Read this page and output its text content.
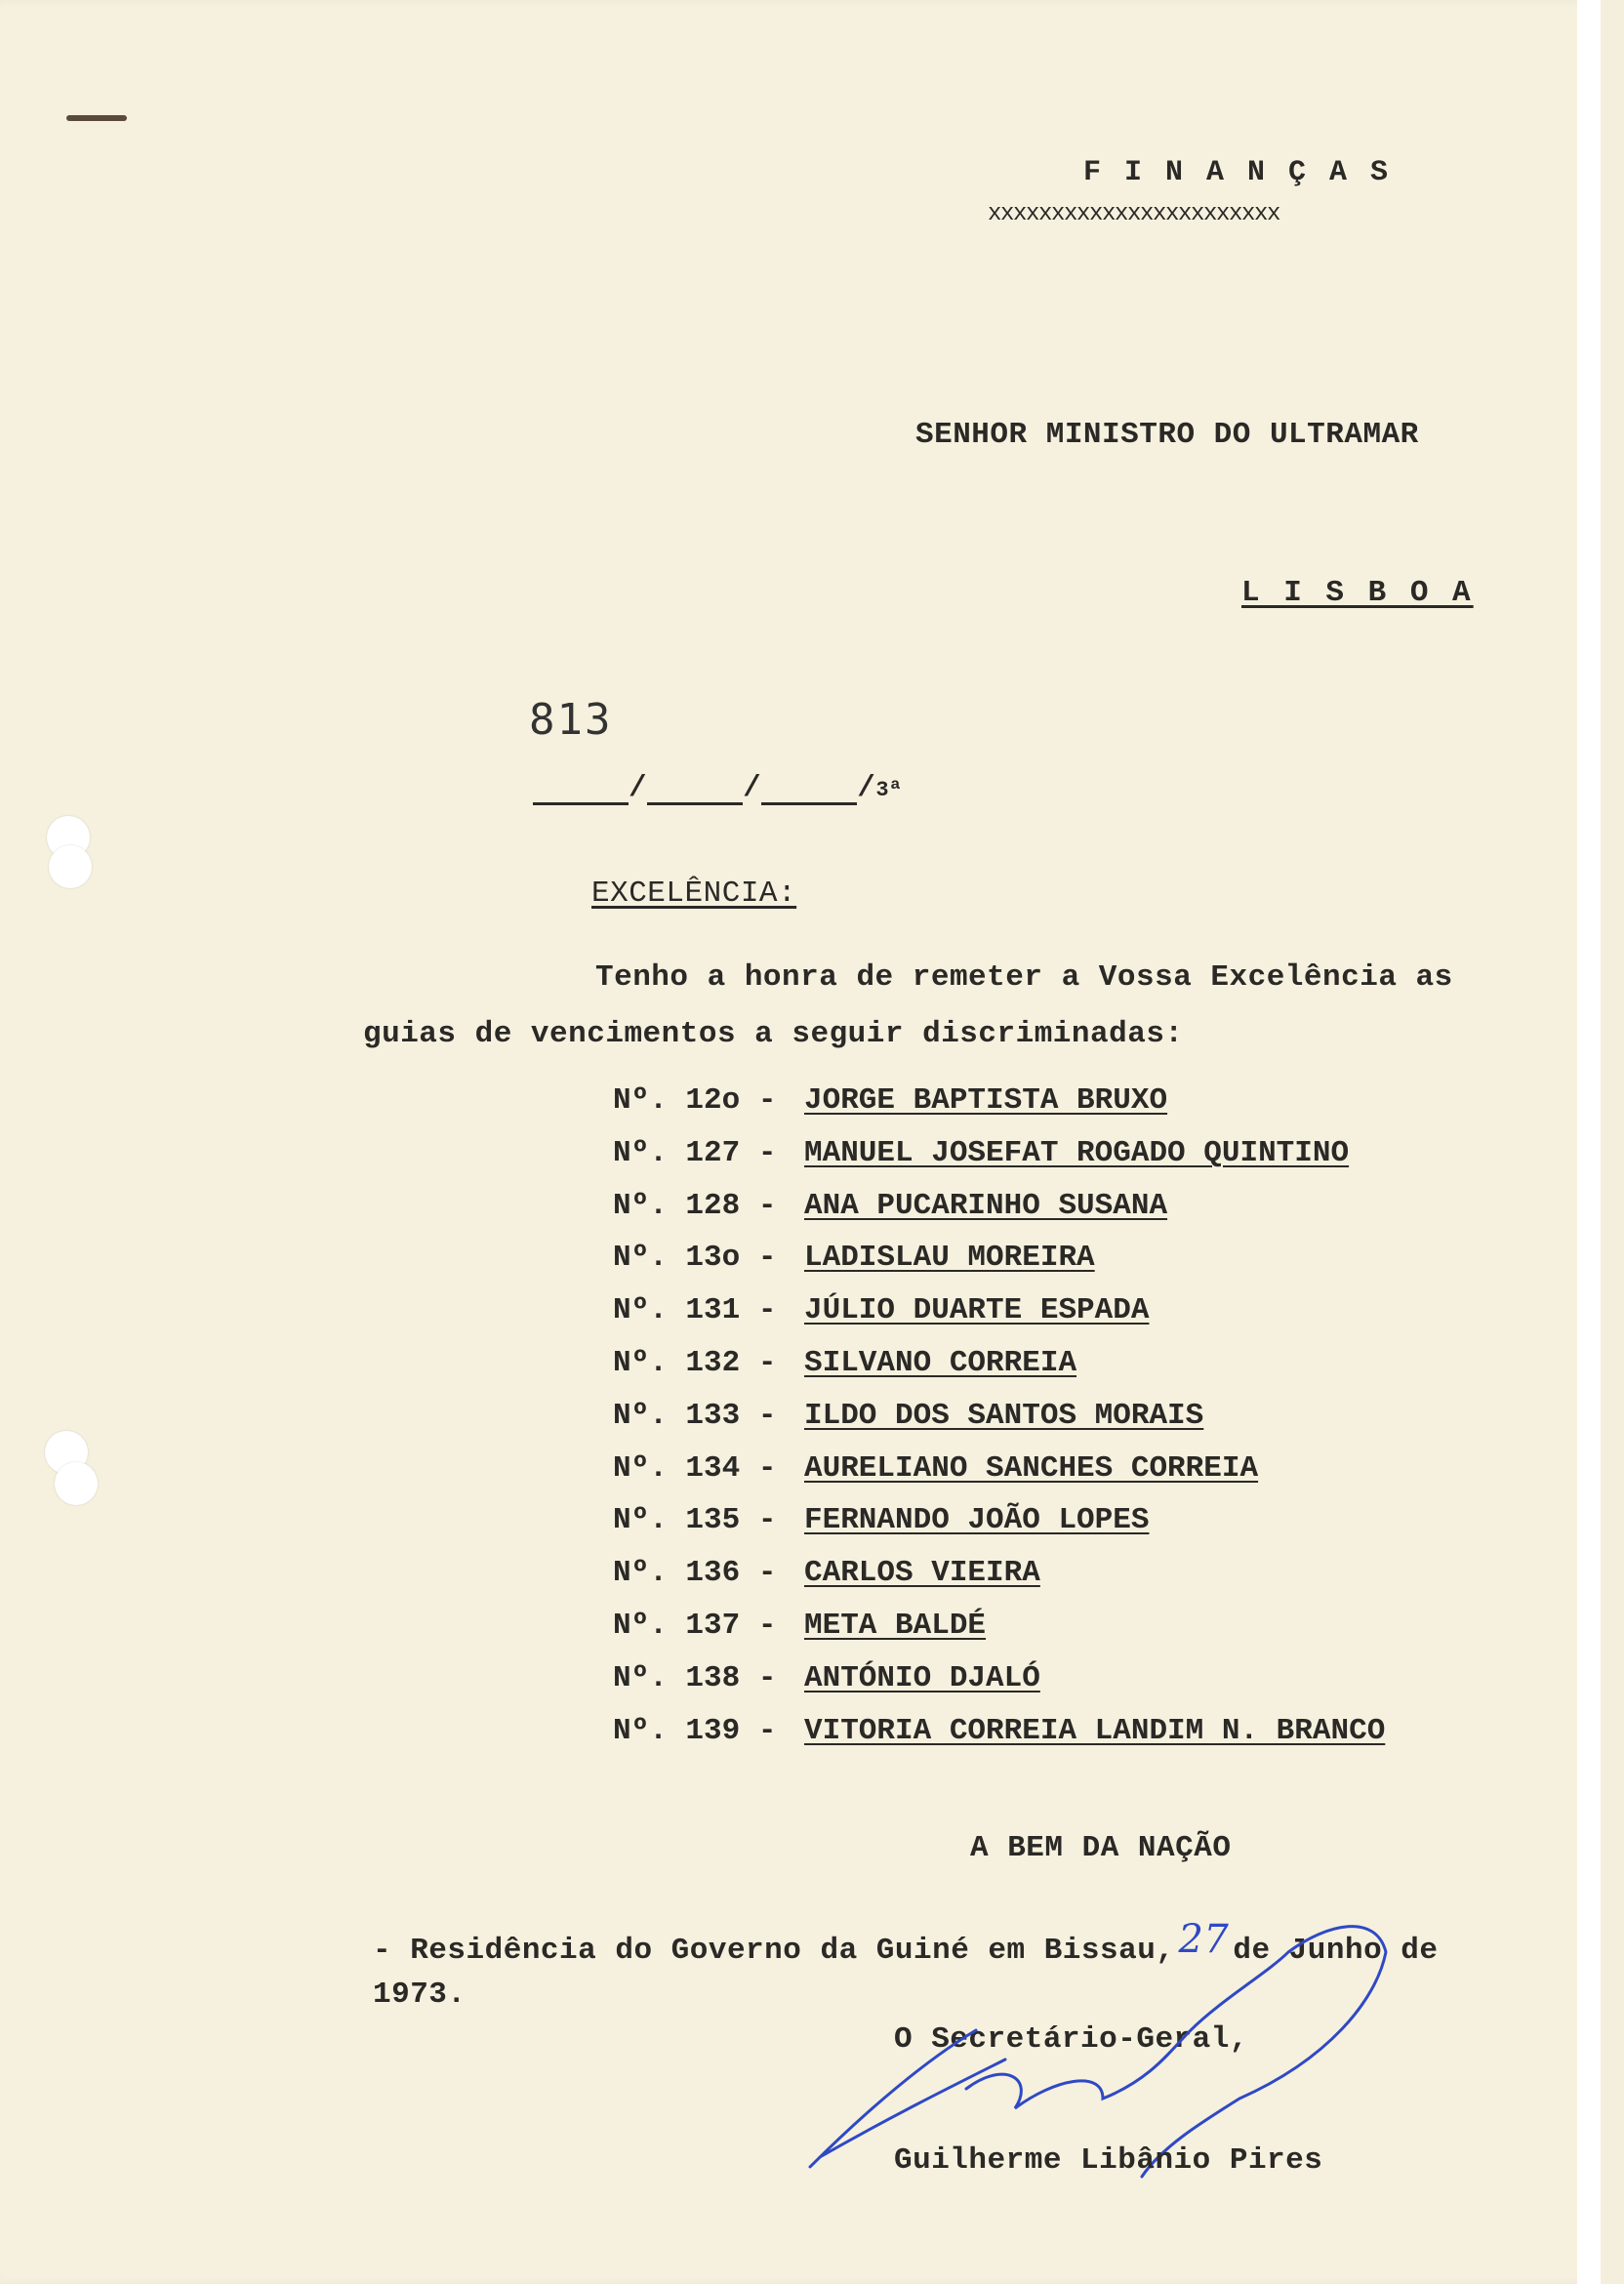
F I N A N Ç A S
xxxxxxxxxxxxxxxxxxxxxxx
SENHOR MINISTRO DO ULTRAMAR
L I S B O A
813
/	/	/3ª
EXCELÊNCIA:
Tenho a honra de remeter a Vossa Excelência as
guias de vencimentos a seguir discriminadas:
Nº. 12o - JORGE BAPTISTA BRUXO
Nº. 127 - MANUEL JOSEFAT ROGADO QUINTINO
Nº. 128 - ANA PUCARINHO SUSANA
Nº. 13o - LADISLAU MOREIRA
Nº. 131 - JÚLIO DUARTE ESPADA
Nº. 132 - SILVANO CORREIA
Nº. 133 - ILDO DOS SANTOS MORAIS
Nº. 134 - AURELIANO SANCHES CORREIA
Nº. 135 - FERNANDO JOÃO LOPES
Nº. 136 - CARLOS VIEIRA
Nº. 137 - META BALDÉ
Nº. 138 - ANTÓNIO DJALÓ
Nº. 139 - VITORIA CORREIA LANDIM N. BRANCO
A BEM DA NAÇÃO
- Residência do Governo da Guiné em Bissau, 27 de Junho de
1973.
O Secretário-Geral,
Guilherme Libânio Pires
